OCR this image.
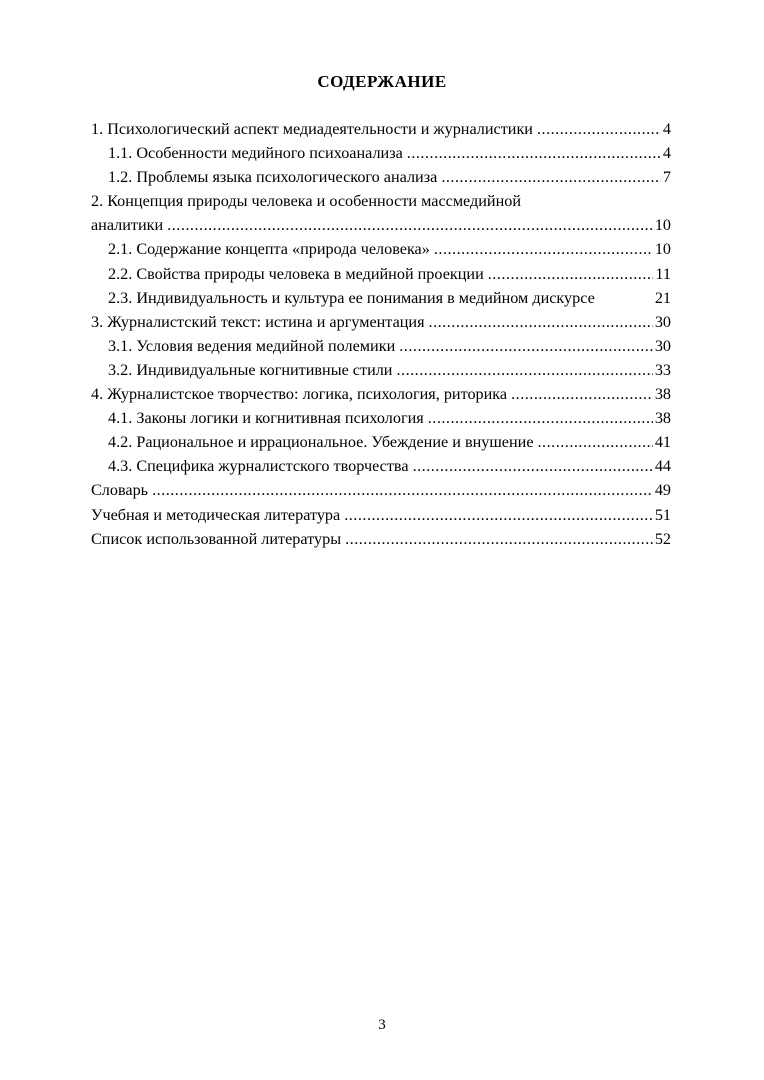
СОДЕРЖАНИЕ
1. Психологический аспект медиадеятельности и журналистики .....	4
1.1. Особенности медийного психоанализа .....	4
1.2. Проблемы языка психологического анализа .....	7
2. Концепция природы человека и особенности массмедийной
аналитики .....	10
2.1. Содержание концепта «природа человека» .....	10
2.2. Свойства природы человека в медийной проекции .....	11
2.3. Индивидуальность и культура ее понимания в медийном дискурсе	21
3. Журналистский текст: истина и аргументация .....	30
3.1. Условия ведения медийной полемики .....	30
3.2. Индивидуальные когнитивные стили .....	33
4. Журналистское творчество: логика, психология, риторика .....	38
4.1. Законы логики и когнитивная психология .....	38
4.2. Рациональное и иррациональное. Убеждение и внушение .....	41
4.3. Специфика журналистского творчества .....	44
Словарь .....	49
Учебная и методическая литература .....	51
Список использованной литературы .....	52
3
